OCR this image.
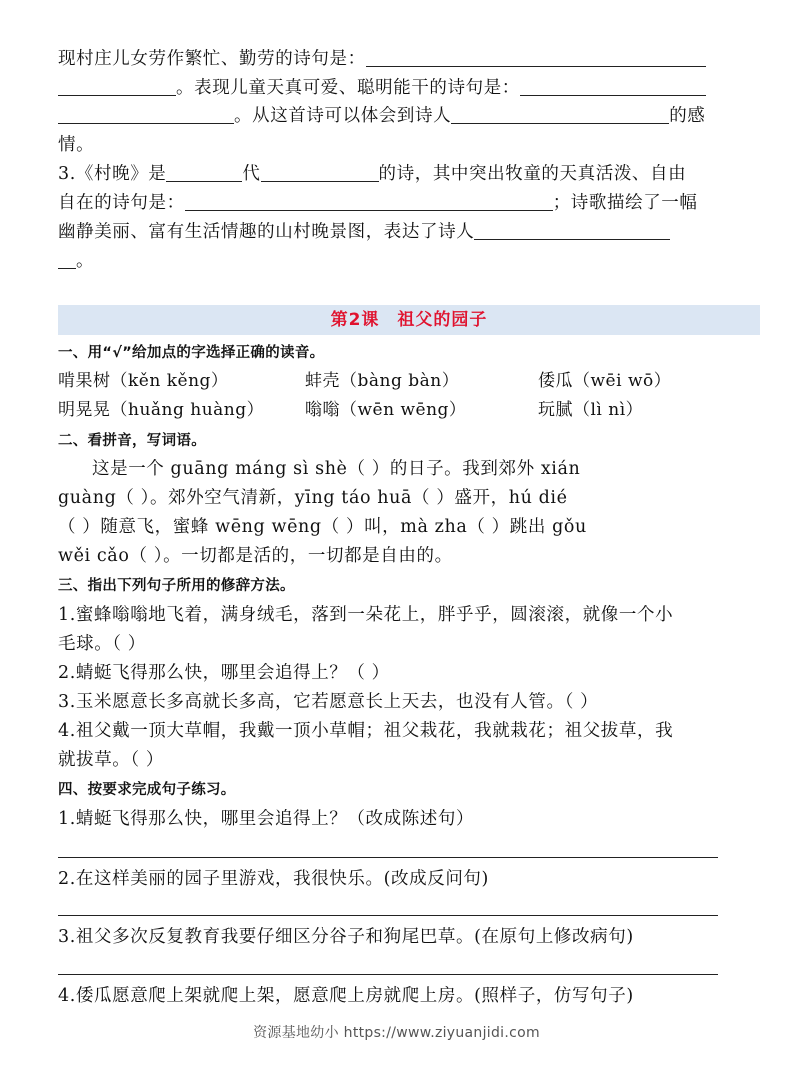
现村庄儿女劳作繁忙、勤劳的诗句是：
。表现儿童天真可爱、聪明能干的诗句是：
。从这首诗可以体会到诗人	的感
情。
3.《村晚》是	代	的诗，其中突出牧童的天真活泼、自由
自在的诗句是：	；诗歌描绘了一幅
幽静美丽、富有生活情趣的山村晚景图，表达了诗人
。
第2课 祖父的园子
一、用“√”给加点的字选择正确的读音。
啃果树（kěn kěng）	蚌壳（bàng bàn）	倭瓜（wēi wō）
明晃晃（huǎng huàng） 嗡嗡（wēn wēng）	玩腻（lì nì）
二、看拼音，写词语。
这是一个 guāng máng sì shè（ ）的日子。我到郊外 xián
guàng（ ）。郊外空气清新，yīng táo huā（ ）盛开，hú dié
（ ）随意飞，蜜蜂 wēng wēng（ ）叫，mà zha（ ）跳出 gǒu
wěi cǎo（ ）。一切都是活的，一切都是自由的。
三、指出下列句子所用的修辞方法。
1.蜜蜂嗡嗡地飞着，满身绒毛，落到一朵花上，胖乎乎，圆滚滚，就像一个小
毛球。（ ）
2.蜻蜓飞得那么快，哪里会追得上？（ ）
3.玉米愿意长多高就长多高，它若愿意长上天去，也没有人管。（ ）
4.祖父戴一顶大草帽，我戴一顶小草帽；祖父栽花，我就栽花；祖父拔草，我
就拔草。（ ）
四、按要求完成句子练习。
1.蜻蜓飞得那么快，哪里会追得上？（改成陈述句）
2.在这样美丽的园子里游戏，我很快乐。(改成反问句)
3.祖父多次反复教育我要仔细区分谷子和狗尾巴草。(在原句上修改病句)
4.倭瓜愿意爬上架就爬上架，愿意爬上房就爬上房。(照样子，仿写句子)
资源基地幼小 https://www.ziyuanjidi.com
